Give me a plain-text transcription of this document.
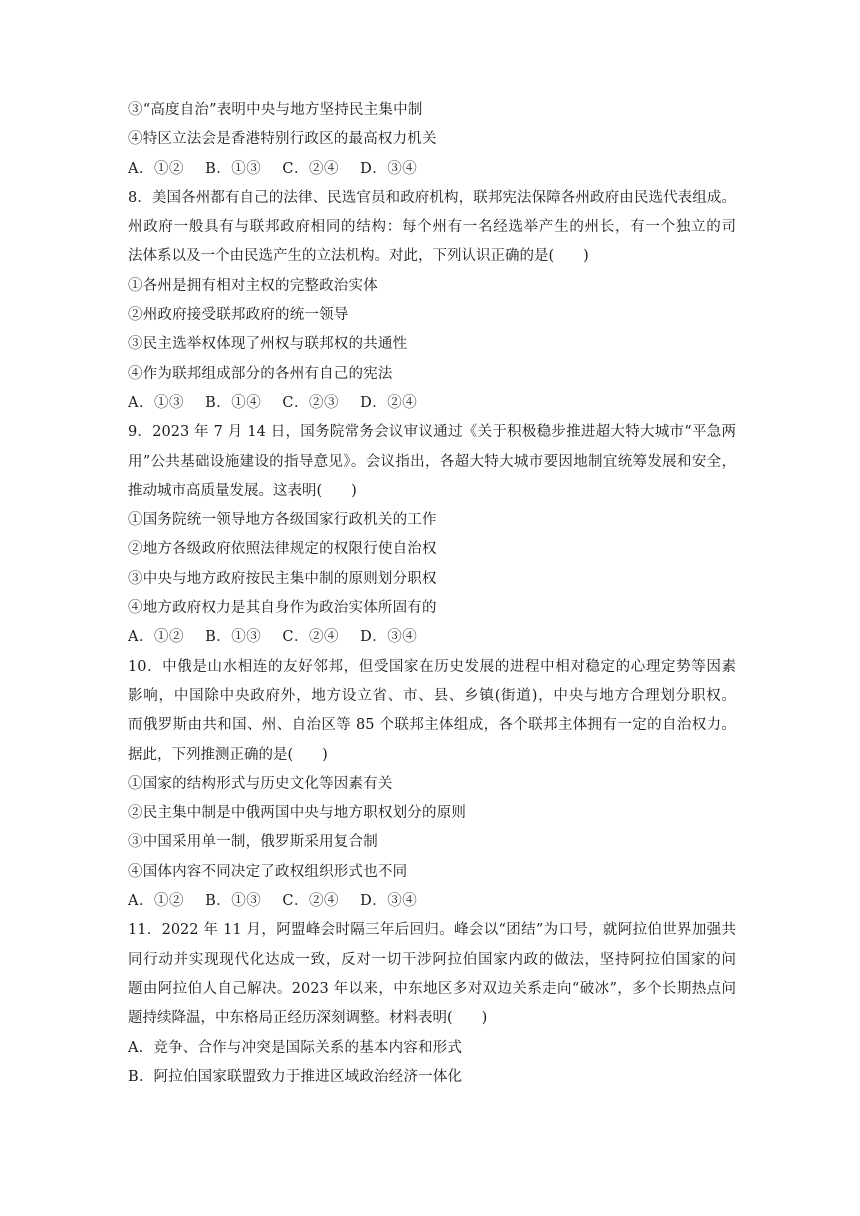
③“高度自治”表明中央与地方坚持民主集中制
④特区立法会是香港特别行政区的最高权力机关
A．①② B．①③ C．②④ D．③④
8．美国各州都有自己的法律、民选官员和政府机构，联邦宪法保障各州政府由民选代表组成。
州政府一般具有与联邦政府相同的结构：每个州有一名经选举产生的州长，有一个独立的司
法体系以及一个由民选产生的立法机构。对此，下列认识正确的是(　　)
①各州是拥有相对主权的完整政治实体
②州政府接受联邦政府的统一领导
③民主选举权体现了州权与联邦权的共通性
④作为联邦组成部分的各州有自己的宪法
A．①③ B．①④ C．②③ D．②④
9．2023 年 7 月 14 日，国务院常务会议审议通过《关于积极稳步推进超大特大城市“平急两
用”公共基础设施建设的指导意见》。会议指出，各超大特大城市要因地制宜统筹发展和安全，
推动城市高质量发展。这表明(　　)
①国务院统一领导地方各级国家行政机关的工作
②地方各级政府依照法律规定的权限行使自治权
③中央与地方政府按民主集中制的原则划分职权
④地方政府权力是其自身作为政治实体所固有的
A．①② B．①③ C．②④ D．③④
10．中俄是山水相连的友好邻邦，但受国家在历史发展的进程中相对稳定的心理定势等因素
影响，中国除中央政府外，地方设立省、市、县、乡镇(街道)，中央与地方合理划分职权。
而俄罗斯由共和国、州、自治区等 85 个联邦主体组成，各个联邦主体拥有一定的自治权力。
据此，下列推测正确的是(　　)
①国家的结构形式与历史文化等因素有关
②民主集中制是中俄两国中央与地方职权划分的原则
③中国采用单一制，俄罗斯采用复合制
④国体内容不同决定了政权组织形式也不同
A．①② B．①③ C．②④ D．③④
11．2022 年 11 月，阿盟峰会时隔三年后回归。峰会以“团结”为口号，就阿拉伯世界加强共
同行动并实现现代化达成一致，反对一切干涉阿拉伯国家内政的做法，坚持阿拉伯国家的问
题由阿拉伯人自己解决。2023 年以来，中东地区多对双边关系走向“破冰”，多个长期热点问
题持续降温，中东格局正经历深刻调整。材料表明(　　)
A．竞争、合作与冲突是国际关系的基本内容和形式
B．阿拉伯国家联盟致力于推进区域政治经济一体化
